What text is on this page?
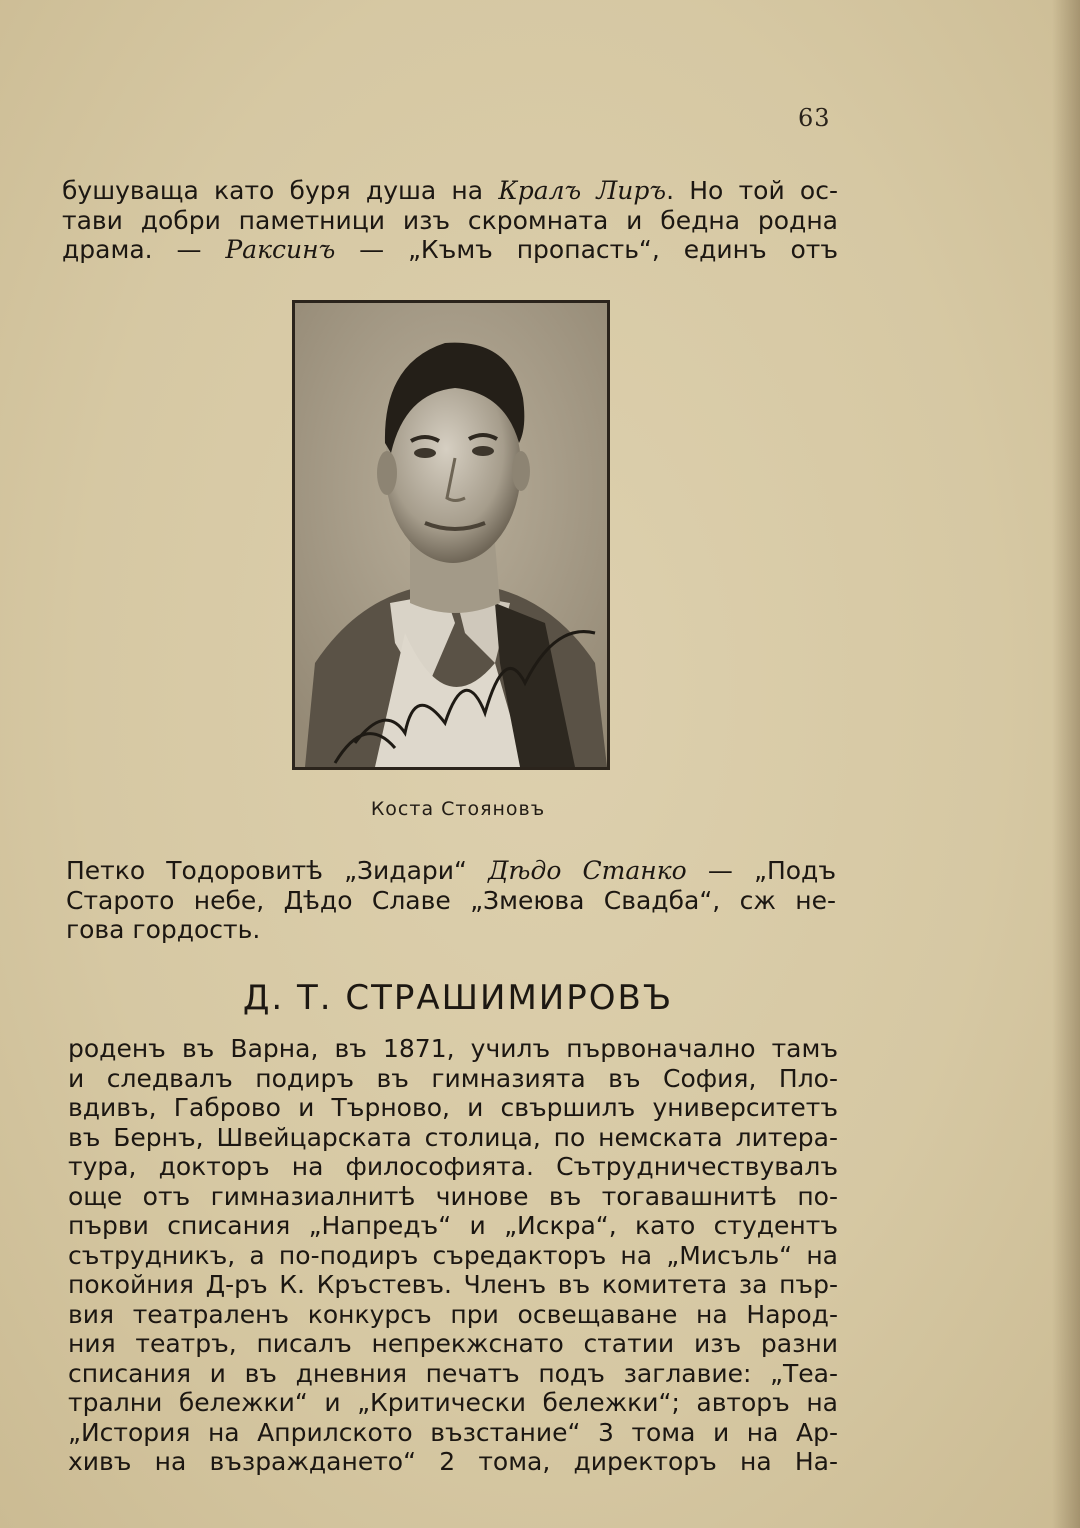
63
бушуваща като буря душа на Кралъ Лиръ. Но той ос-
тави добри паметници изъ скромната и бедна родна
драма. — Раксинъ — „Къмъ пропасть“, единъ отъ
Коста Стояновъ
Петко Тодоровитѣ „Зидари“ Дѣдо Станко — „Подъ
Старото небе, Дѣдо Славе „Змеюва Свадба“, сж не-
гова гордость.
Д. Т. СТРАШИМИРОВЪ
роденъ въ Варна, въ 1871, училъ първоначално тамъ
и следвалъ подиръ въ гимназията въ София, Пло-
вдивъ, Габрово и Търново, и свършилъ университетъ
въ Бернъ, Швейцарската столица, по немската литера-
тура, докторъ на философията. Сътрудничествувалъ
още отъ гимназиалнитѣ чинове въ тогавашнитѣ по-
първи списания „Напредъ“ и „Искра“, като студентъ
сътрудникъ, а по-подиръ съредакторъ на „Мисъль“ на
покойния Д-ръ К. Кръстевъ. Членъ въ комитета за пър-
вия театраленъ конкурсъ при освещаване на Народ-
ния театръ, писалъ непрекжснато статии изъ разни
списания и въ дневния печатъ подъ заглавие: „Теа-
трални бележки“ и „Критически бележки“; авторъ на
„История на Априлското възстание“ 3 тома и на Ар-
хивъ на възраждането“ 2 тома, директоръ на На-
